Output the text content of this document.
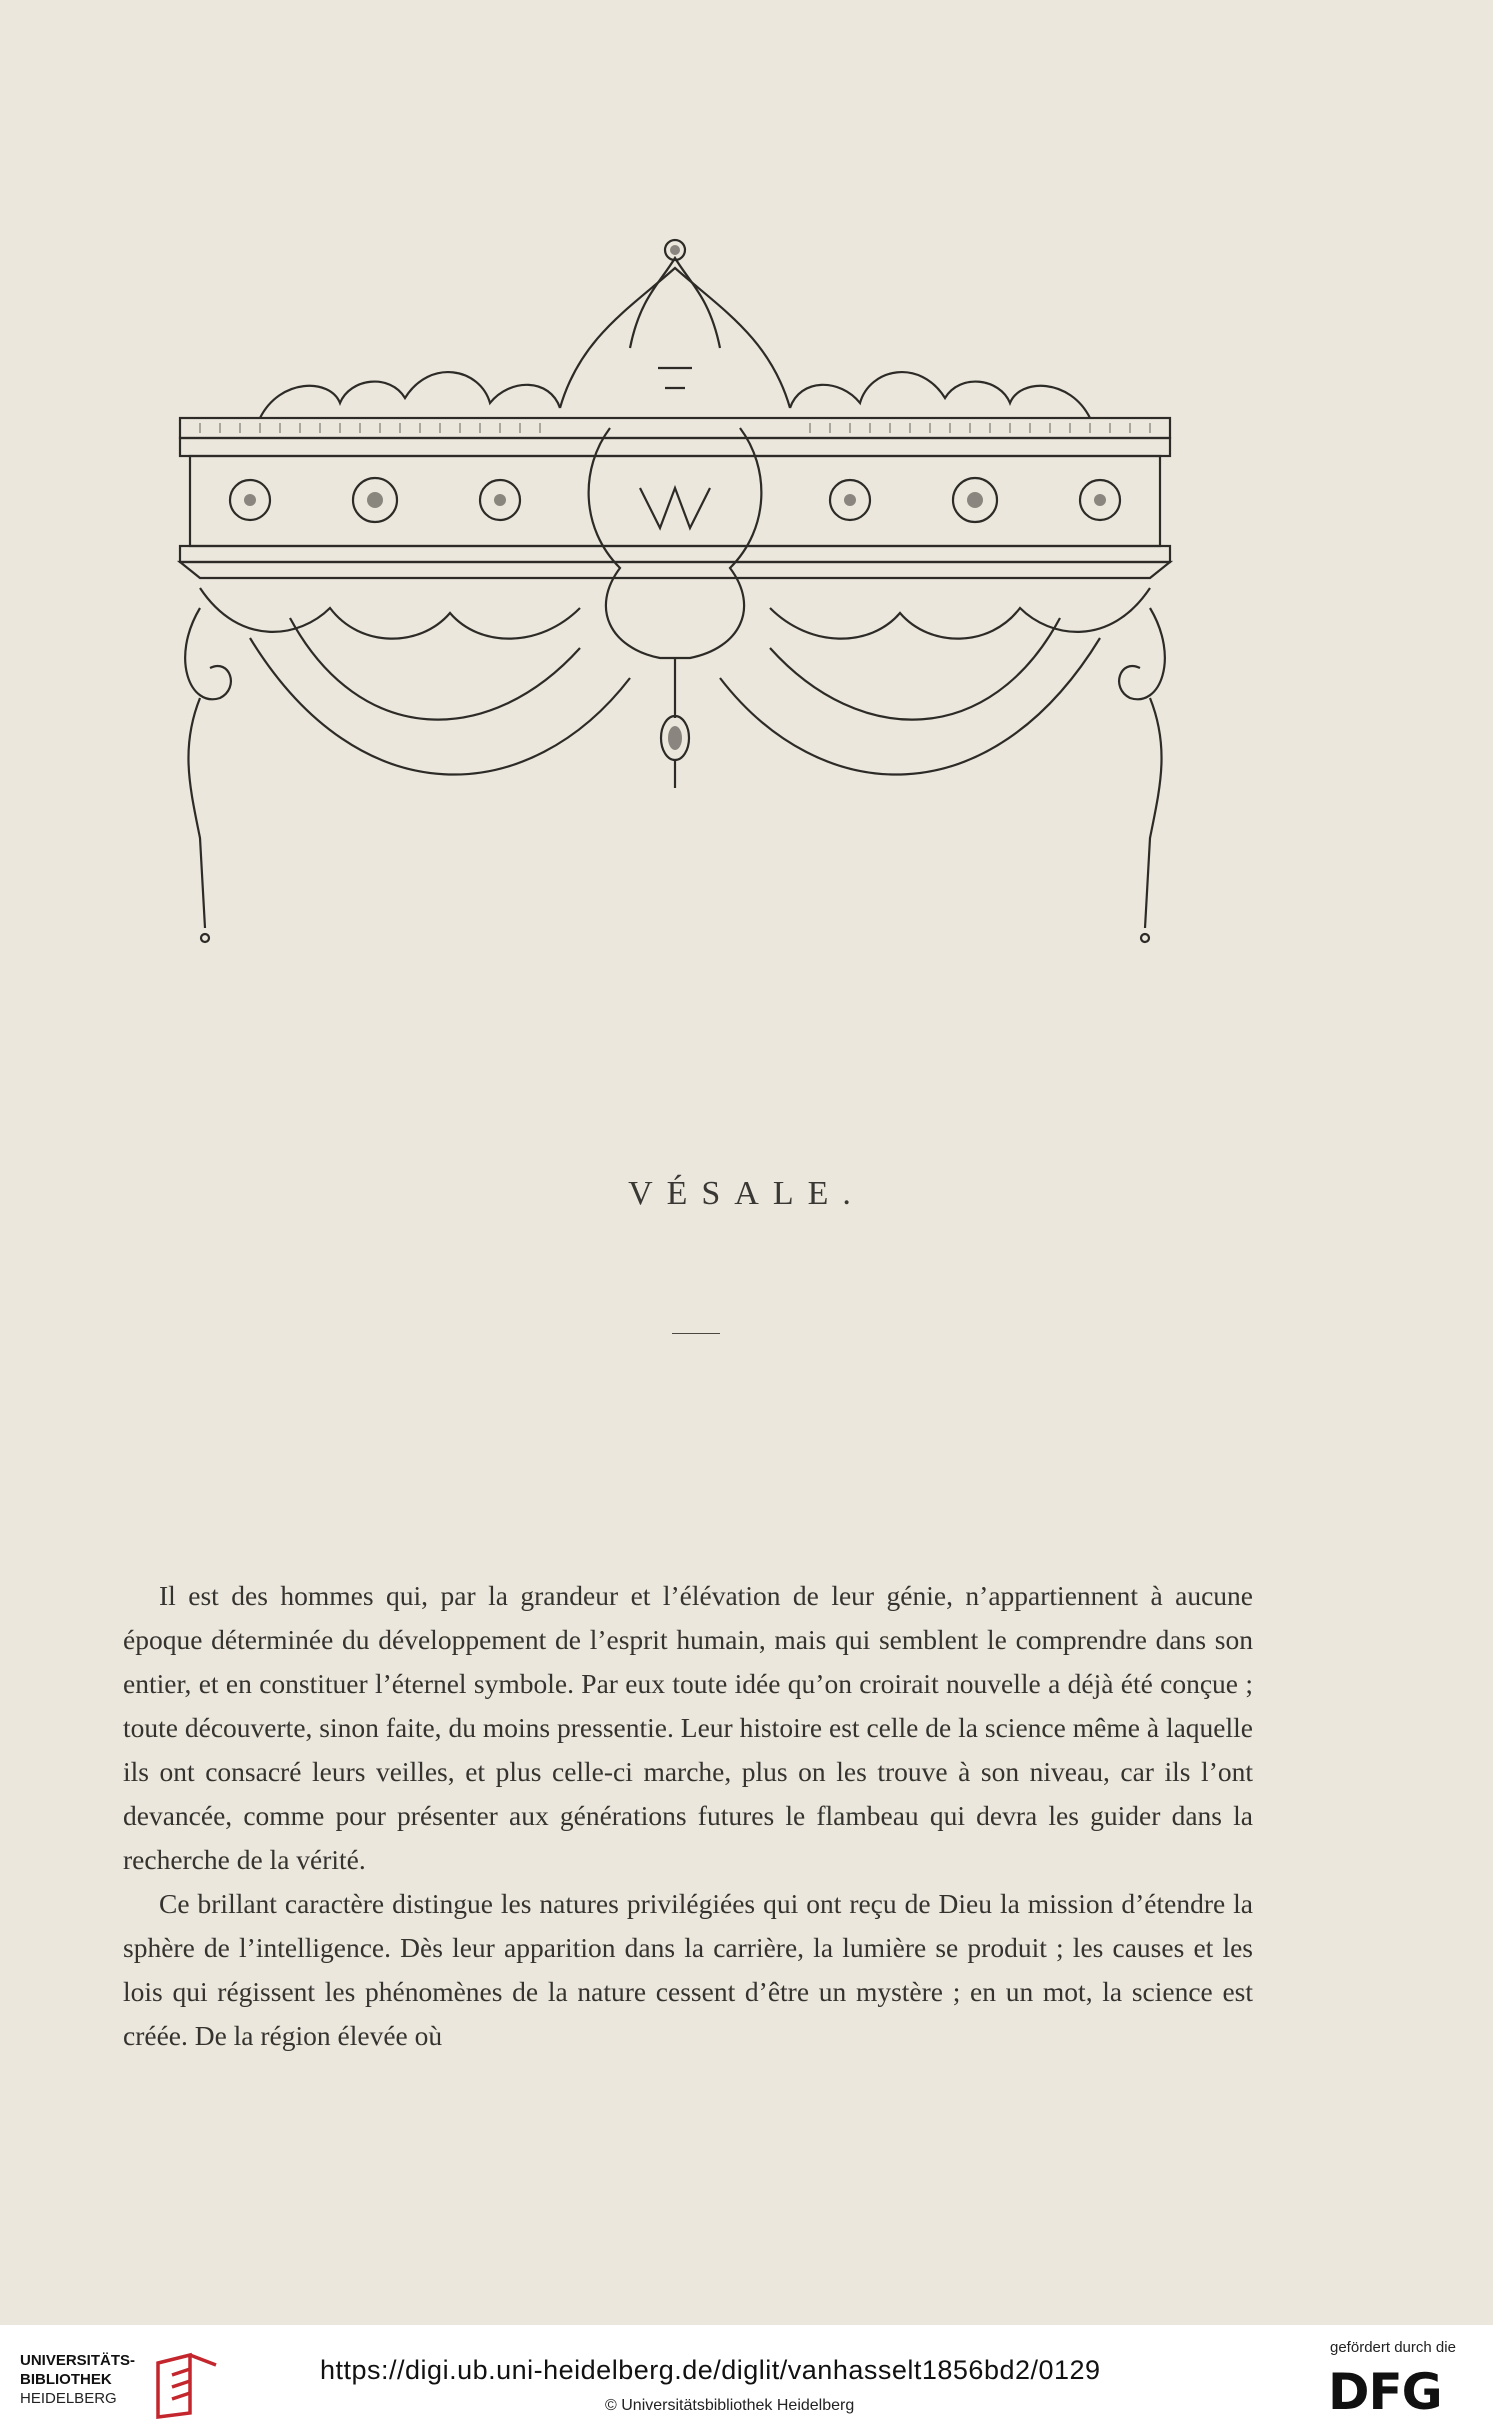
VÉSALE.

Il est des hommes qui, par la grandeur et l’élévation de leur génie, n’appartiennent à aucune époque déterminée du développement de l’esprit humain, mais qui semblent le comprendre dans son entier, et en constituer l’éternel symbole. Par eux toute idée qu’on croirait nouvelle a déjà été conçue ; toute découverte, sinon faite, du moins pressentie. Leur histoire est celle de la science même à laquelle ils ont consacré leurs veilles, et plus celle-ci marche, plus on les trouve à son niveau, car ils l’ont devancée, comme pour présenter aux générations futures le flambeau qui devra les guider dans la recherche de la vérité.

Ce brillant caractère distingue les natures privilégiées qui ont reçu de Dieu la mission d’étendre la sphère de l’intelligence. Dès leur apparition dans la carrière, la lumière se produit ; les causes et les lois qui régissent les phénomènes de la nature cessent d’être un mystère ; en un mot, la science est créée. De la région élevée où

UNIVERSITÄTS-
BIBLIOTHEK
HEIDELBERG
https://digi.ub.uni-heidelberg.de/diglit/vanhasselt1856bd2/0129
© Universitätsbibliothek Heidelberg
gefördert durch die
DFG
